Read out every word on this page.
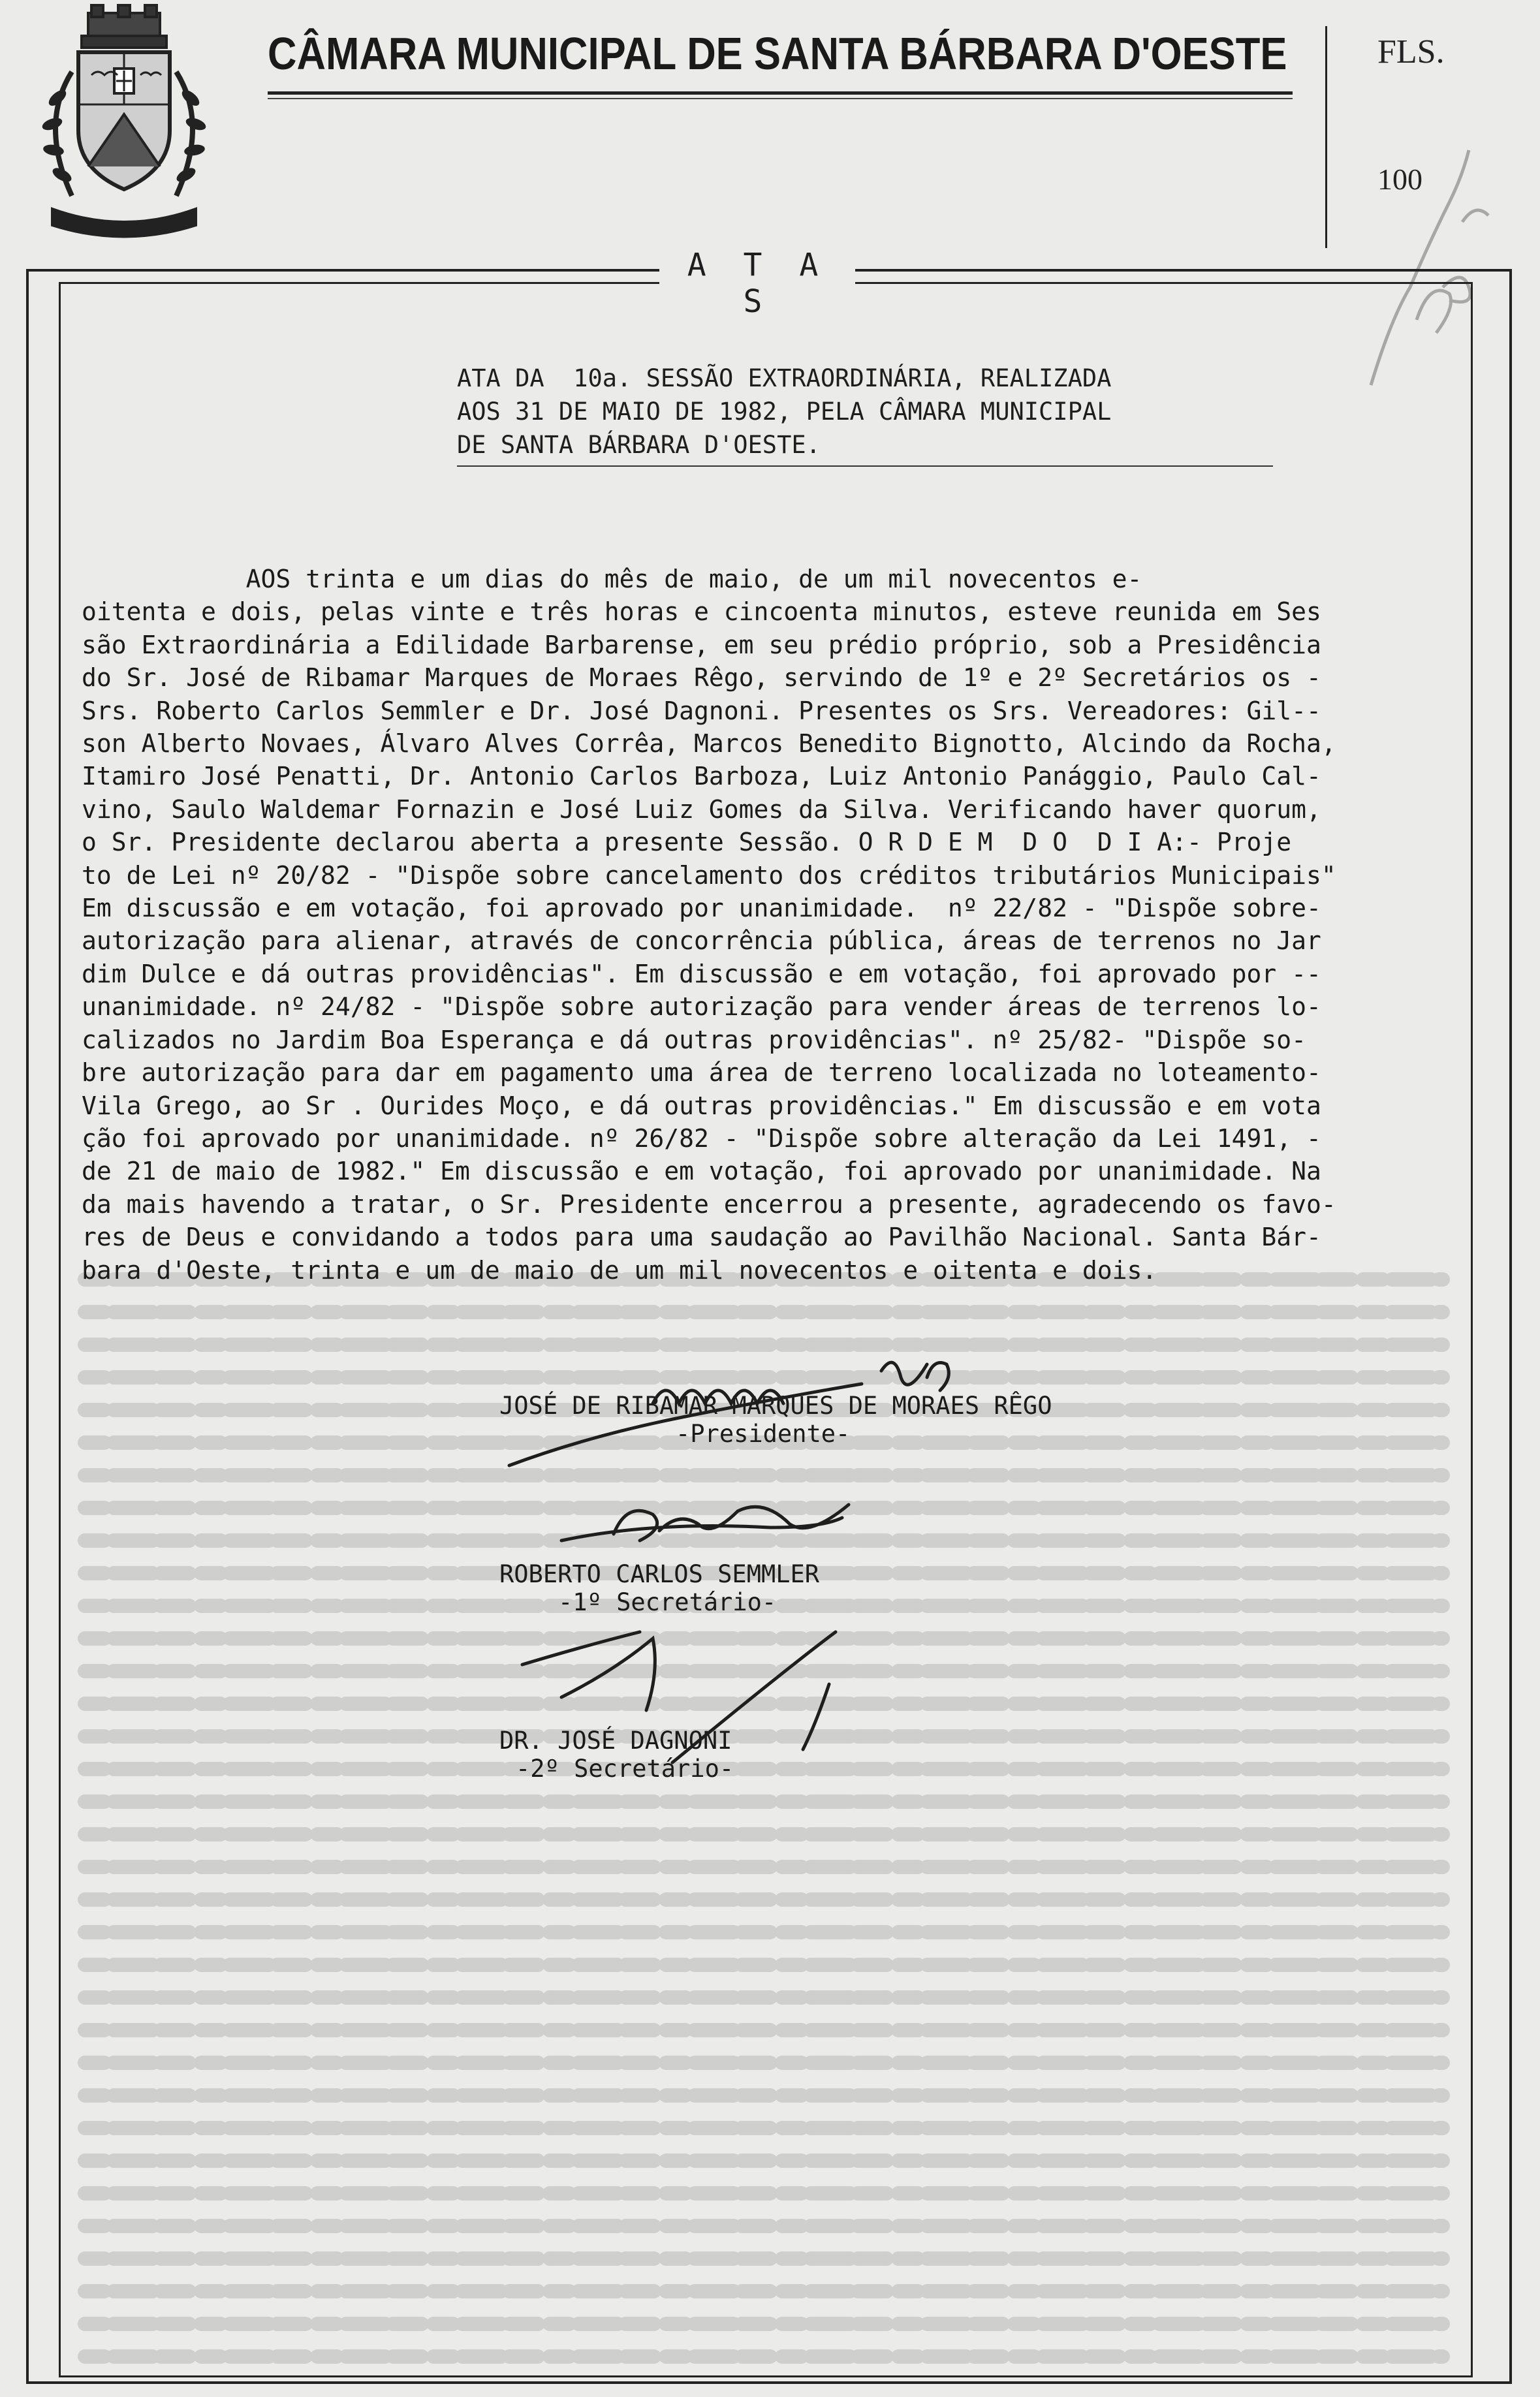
CÂMARA MUNICIPAL DE SANTA BÁRBARA D'OESTE	FLS.
100
A T A S
ATA DA  10a. SESSÃO EXTRAORDINÁRIA, REALIZADA
AOS 31 DE MAIO DE 1982, PELA CÂMARA MUNICIPAL
DE SANTA BÁRBARA D'OESTE.
AOS trinta e um dias do mês de maio, de um mil novecentos e-
oitenta e dois, pelas vinte e três horas e cincoenta minutos, esteve reunida em Ses
são Extraordinária a Edilidade Barbarense, em seu prédio próprio, sob a Presidência
do Sr. José de Ribamar Marques de Moraes Rêgo, servindo de 1º e 2º Secretários os -
Srs. Roberto Carlos Semmler e Dr. José Dagnoni. Presentes os Srs. Vereadores: Gil--
son Alberto Novaes, Álvaro Alves Corrêa, Marcos Benedito Bignotto, Alcindo da Rocha,
Itamiro José Penatti, Dr. Antonio Carlos Barboza, Luiz Antonio Panággio, Paulo Cal-
vino, Saulo Waldemar Fornazin e José Luiz Gomes da Silva. Verificando haver quorum,
o Sr. Presidente declarou aberta a presente Sessão. O R D E M  D O  D I A:- Proje
to de Lei nº 20/82 - "Dispõe sobre cancelamento dos créditos tributários Municipais"
Em discussão e em votação, foi aprovado por unanimidade.  nº 22/82 - "Dispõe sobre-
autorização para alienar, através de concorrência pública, áreas de terrenos no Jar
dim Dulce e dá outras providências". Em discussão e em votação, foi aprovado por --
unanimidade. nº 24/82 - "Dispõe sobre autorização para vender áreas de terrenos lo-
calizados no Jardim Boa Esperança e dá outras providências". nº 25/82- "Dispõe so-
bre autorização para dar em pagamento uma área de terreno localizada no loteamento-
Vila Grego, ao Sr . Ourides Moço, e dá outras providências." Em discussão e em vota
ção foi aprovado por unanimidade. nº 26/82 - "Dispõe sobre alteração da Lei 1491, -
de 21 de maio de 1982." Em discussão e em votação, foi aprovado por unanimidade. Na
da mais havendo a tratar, o Sr. Presidente encerrou a presente, agradecendo os favo-
res de Deus e convidando a todos para uma saudação ao Pavilhão Nacional. Santa Bár-
bara d'Oeste, trinta e um de maio de um mil novecentos e oitenta e dois.
JOSÉ DE RIBAMAR MARQUES DE MORAES RÊGO
-Presidente-
ROBERTO CARLOS SEMMLER
-1º Secretário-
DR. JOSÉ DAGNONI
-2º Secretário-
